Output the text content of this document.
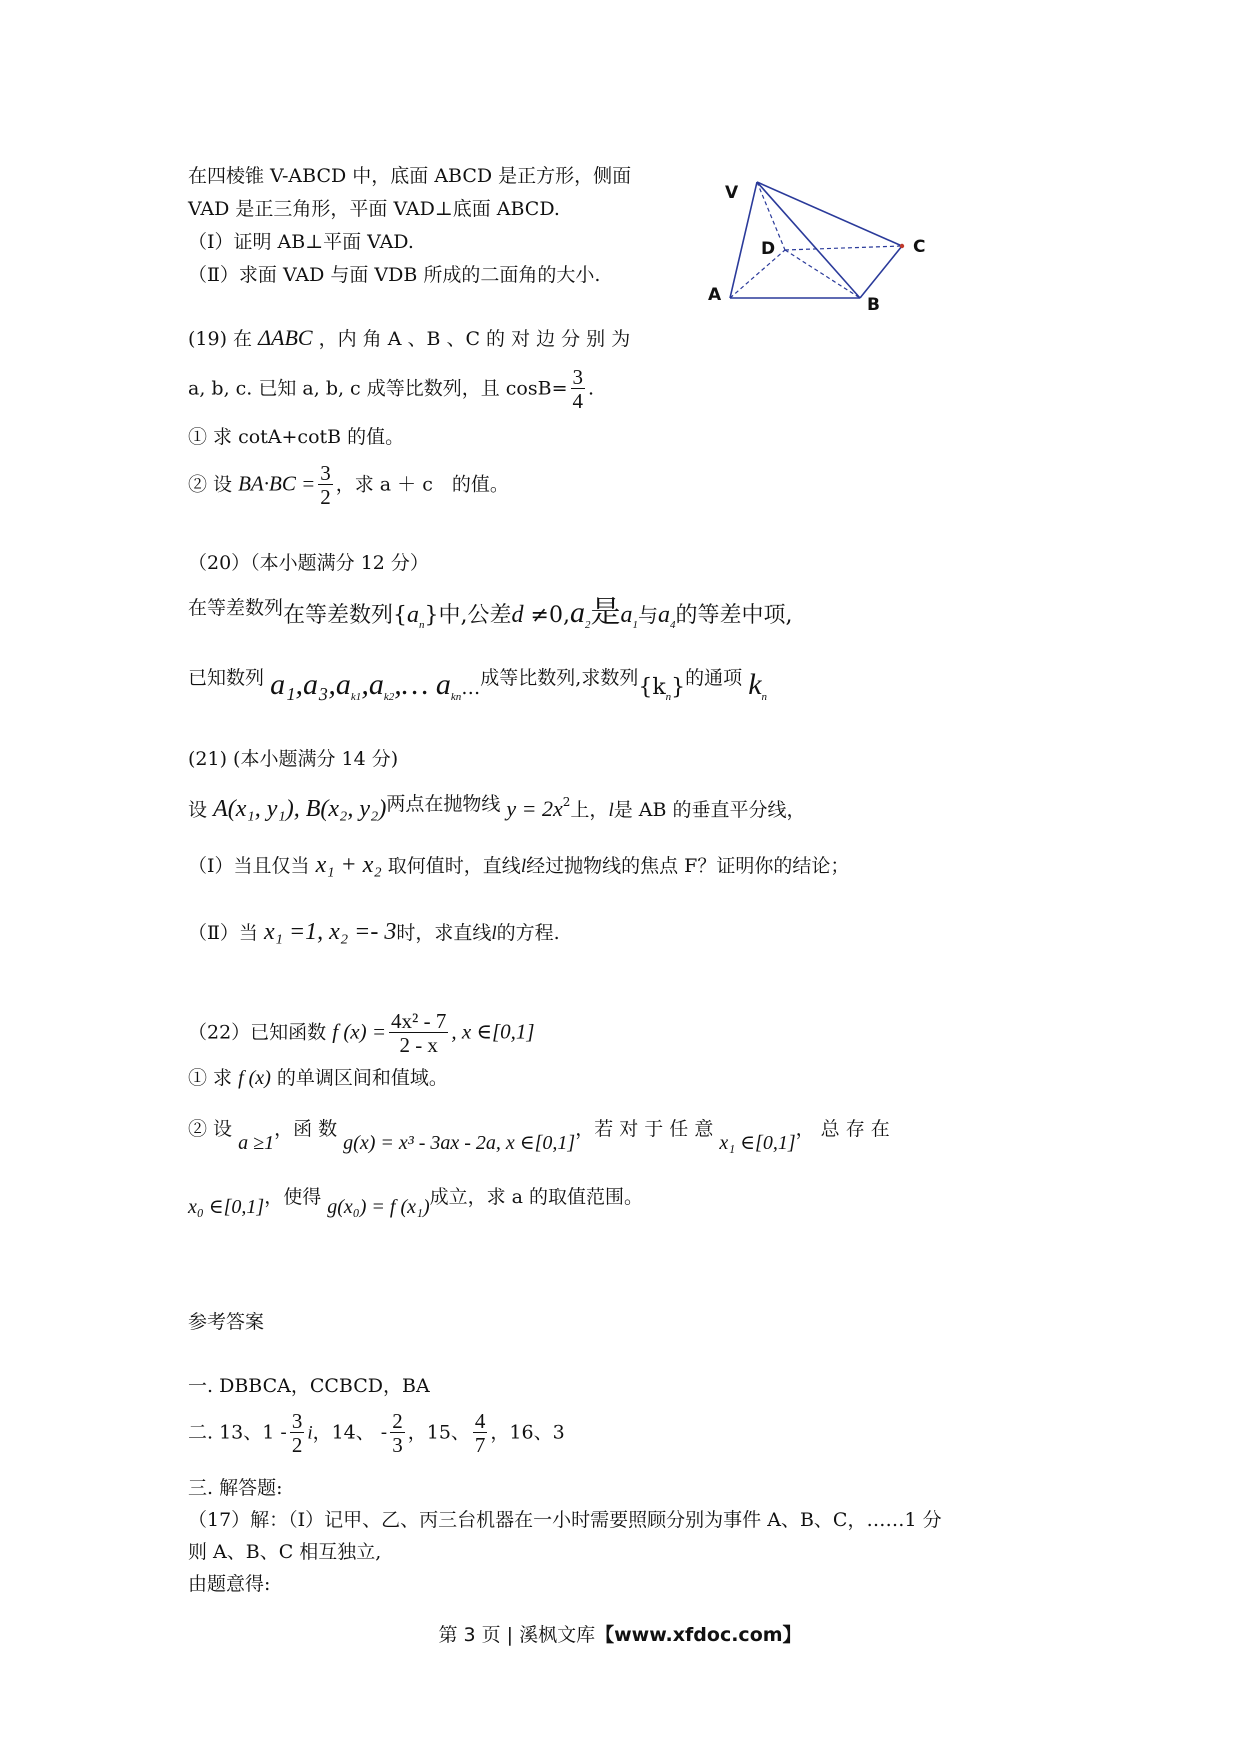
在四棱锥 V-ABCD 中，底面 ABCD 是正方形，侧面
VAD 是正三角形，平面 VAD⊥底面 ABCD.
（Ⅰ）证明 AB⊥平面 VAD.
（Ⅱ）求面 VAD 与面 VDB 所成的二面角的大小.
V
D	C
A	B
(19) 在 ΔABC ，内 角 A 、B 、C 的 对 边 分 别 为
a, b, c. 已知 a, b, c 成等比数列，且 $\cos B= \frac{3}{4}$ .
① 求 cotA+cotB 的值。
② 设 $BA\cdot BC = \frac{3}{2}$ ，求 a ＋ c　的值。
（20）（本小题满分 12 分）
在等差数列在等差数列$\{a_n\}$中,公差$d \ne 0,a_2$是$a_1$与$a_4$的等差中项,
已知数列 $a_1,a_3,a_{k1},a_{k2},\dots$ $a_{kn}\dots$成等比数列,求数列$\{k_n\}$的通项 $k_n$
(21) (本小题满分 14 分)
设 A(x₁, y₁), B(x₂, y₂)两点在抛物线 $y = 2x^2$上，l是 AB 的垂直平分线，
（Ⅰ）当且仅当 x₁ + x₂ 取何值时，直线l经过抛物线的焦点 F？证明你的结论；
（Ⅱ）当 x₁ =1, x₂ =- 3时，求直线l的方程.
（22）已知函数 f $(x) = \frac{\text{4x² - 7}}{2 - x}$ , x ∈[0,1]
① 求 f (x) 的单调区间和值域。
② 设 a ≥1，函 数 g(x) = x³ - 3ax - 2a, x ∈[0,1]，若 对 于 任 意 x₁ ∈[0,1]， 总 存 在
x₀ ∈[0,1]，使得 g(x₀) = f (x₁)成立，求 a 的取值范围。
参考答案
一. DBBCA，CCBCD，BA
二. 13、$1 - \frac{3}{2}$ i，14、 - $\frac{2}{3}$ ，15、 $\frac{4}{7}$ ，16、3
三. 解答题:
（17）解：（Ⅰ）记甲、乙、丙三台机器在一小时需要照顾分别为事件 A、B、C，……1 分
则 A、B、C 相互独立,
由题意得:
第 3 页 | 溪枫文库【www.xfdoc.com】
